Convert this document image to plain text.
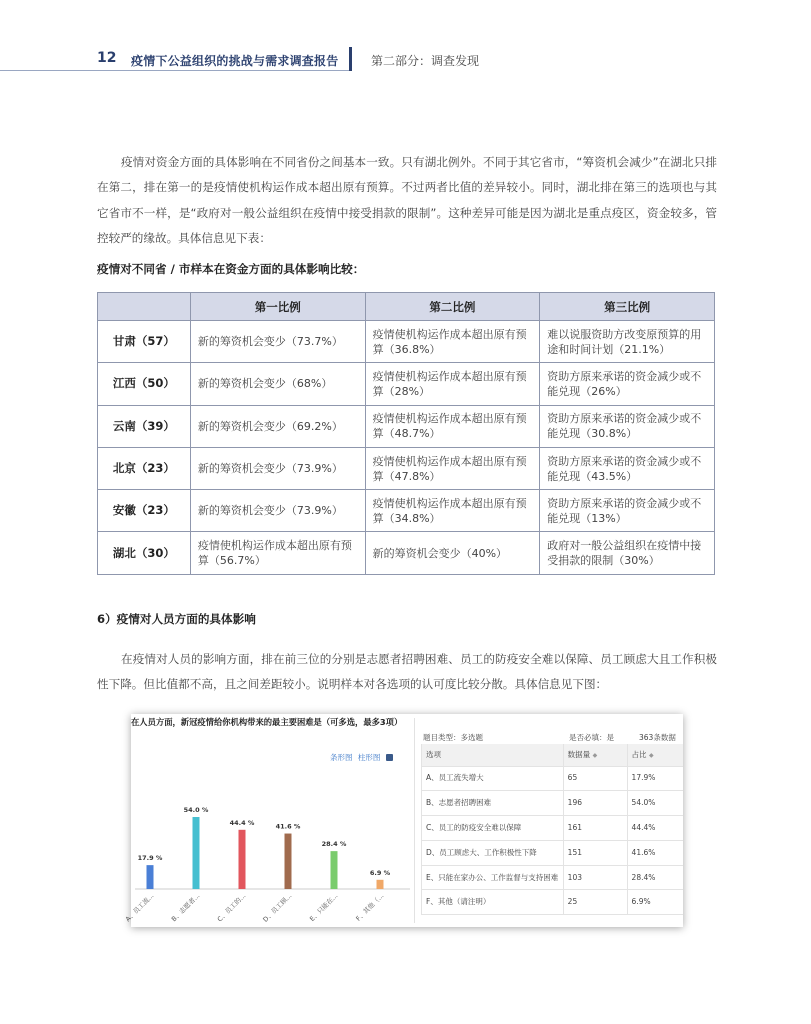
12 疫情下公益组织的挑战与需求调查报告	第二部分：调查发现

疫情对资金方面的具体影响在不同省份之间基本一致。只有湖北例外。不同于其它省市，“筹资机会减少”在湖北只排在第二，排在第一的是疫情使机构运作成本超出原有预算。不过两者比值的差异较小。同时，湖北排在第三的选项也与其它省市不一样，是“政府对一般公益组织在疫情中接受捐款的限制”。这种差异可能是因为湖北是重点疫区，资金较多，管控较严的缘故。具体信息见下表：

疫情对不同省 / 市样本在资金方面的具体影响比较：
	第一比例	第二比例	第三比例
甘肃（57）	新的筹资机会变少（73.7%）	疫情使机构运作成本超出原有预算（36.8%）	难以说服资助方改变原预算的用途和时间计划（21.1%）
江西（50）	新的筹资机会变少（68%）	疫情使机构运作成本超出原有预算（28%）	资助方原来承诺的资金减少或不能兑现（26%）
云南（39）	新的筹资机会变少（69.2%）	疫情使机构运作成本超出原有预算（48.7%）	资助方原来承诺的资金减少或不能兑现（30.8%）
北京（23）	新的筹资机会变少（73.9%）	疫情使机构运作成本超出原有预算（47.8%）	资助方原来承诺的资金减少或不能兑现（43.5%）
安徽（23）	新的筹资机会变少（73.9%）	疫情使机构运作成本超出原有预算（34.8%）	资助方原来承诺的资金减少或不能兑现（13%）
湖北（30）	疫情使机构运作成本超出原有预算（56.7%）	新的筹资机会变少（40%）	政府对一般公益组织在疫情中接受捐款的限制（30%）
6）疫情对人员方面的具体影响

在疫情对人员的影响方面，排在前三位的分别是志愿者招聘困难、员工的防疫安全难以保障、员工顾虑大且工作积极性下降。但比值都不高，且之间差距较小。说明样本对各选项的认可度比较分散。具体信息见下图：

在人员方面，新冠疫情给你机构带来的最主要困难是（可多选，最多3项）
条形图 柱形图
17.9 %
A、员工流...
54.0 %
B、志愿者...
44.4 %
C、员工的...
41.6 %
D、员工顾...
28.4 %
E、只能在...
6.9 %
F、其他（...
题目类型：多选题	是否必填：是	363条数据
选项	数据量 ◆	占比 ◆
A、员工流失增大	65	17.9%
B、志愿者招聘困难	196	54.0%
C、员工的防疫安全难以保障	161	44.4%
D、员工顾虑大、工作积极性下降	151	41.6%
E、只能在家办公、工作监督与支持困难	103	28.4%
F、其他（请注明）	25	6.9%
